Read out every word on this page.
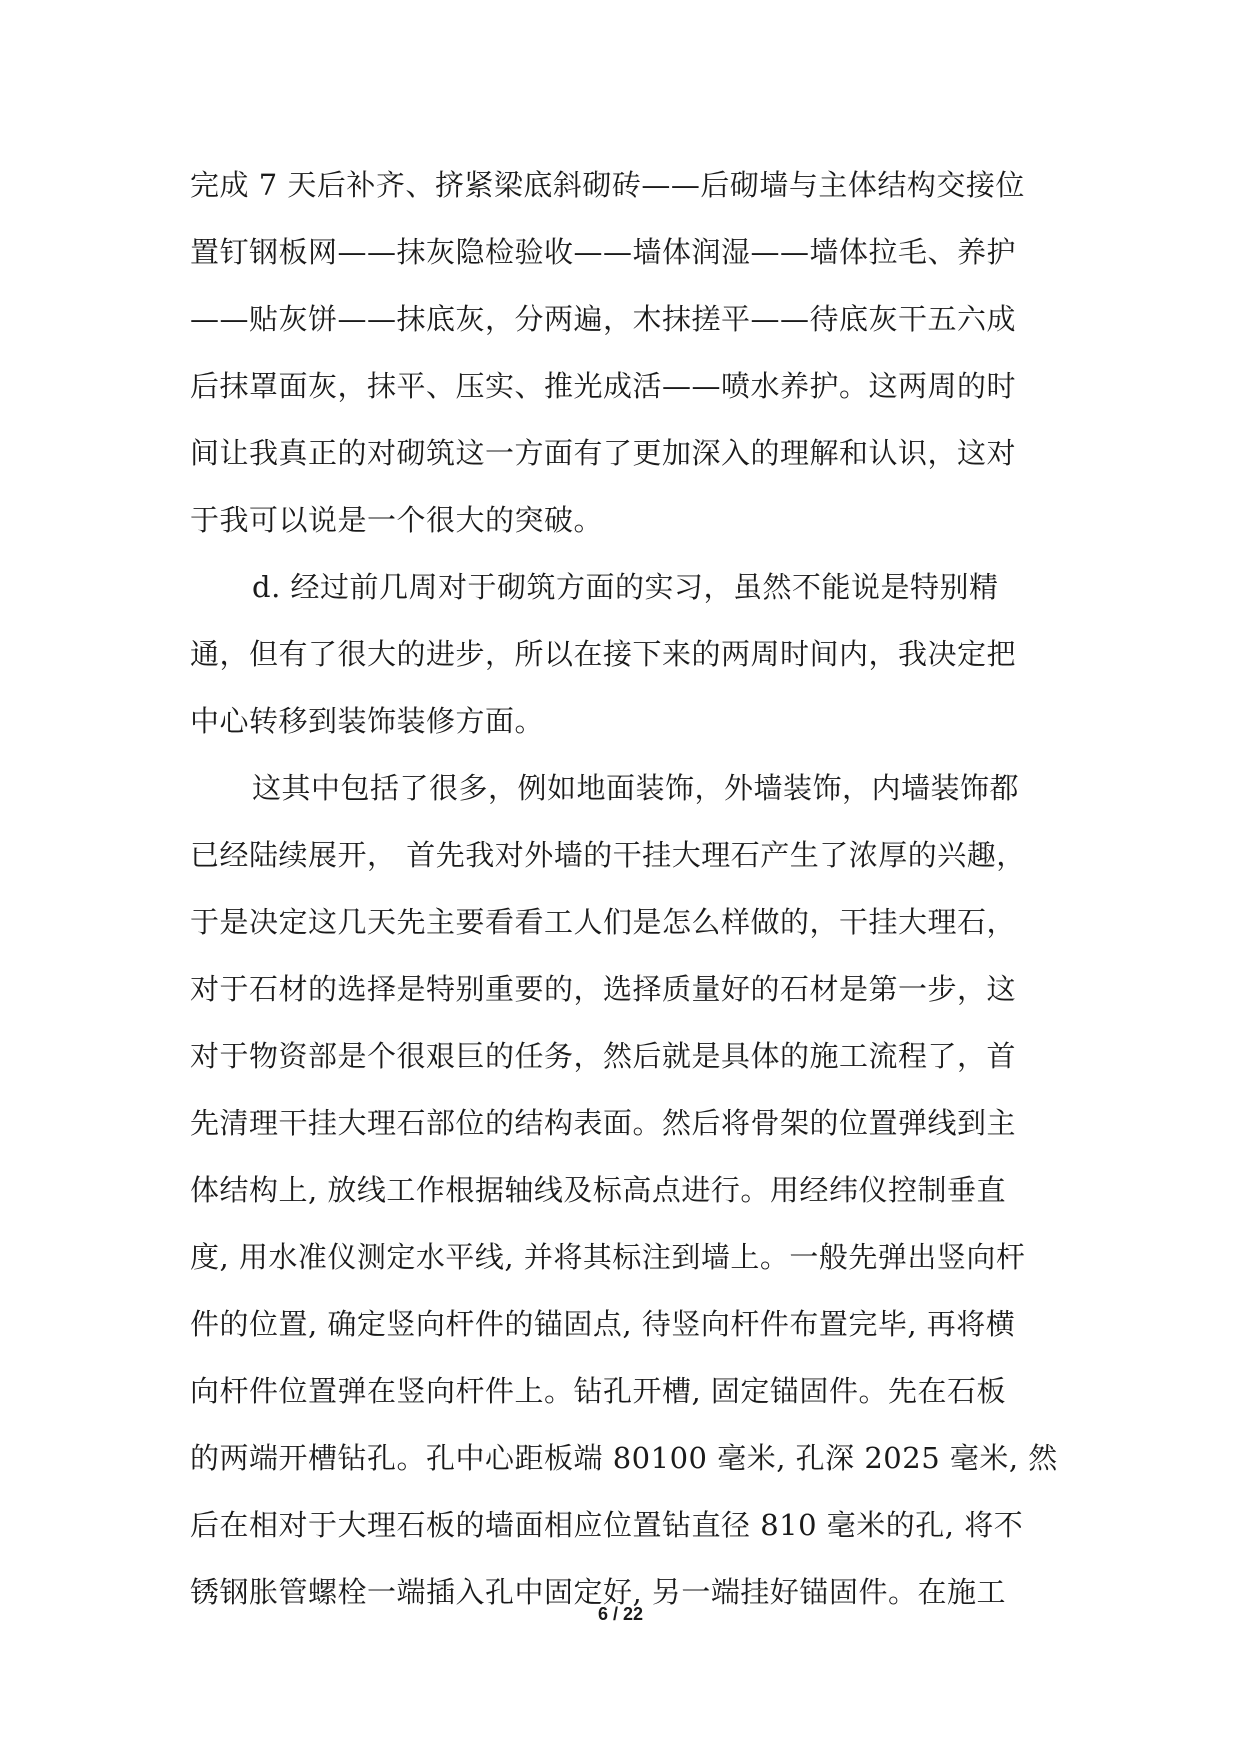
完成 7 天后补齐、挤紧梁底斜砌砖——后砌墙与主体结构交接位
置钉钢板网——抹灰隐检验收——墙体润湿——墙体拉毛、养护
——贴灰饼——抹底灰，分两遍，木抹搓平——待底灰干五六成
后抹罩面灰，抹平、压实、推光成活——喷水养护。这两周的时
间让我真正的对砌筑这一方面有了更加深入的理解和认识，这对
于我可以说是一个很大的突破。
d. 经过前几周对于砌筑方面的实习，虽然不能说是特别精
通，但有了很大的进步，所以在接下来的两周时间内，我决定把
中心转移到装饰装修方面。
这其中包括了很多，例如地面装饰，外墙装饰，内墙装饰都
已经陆续展开， 首先我对外墙的干挂大理石产生了浓厚的兴趣，
于是决定这几天先主要看看工人们是怎么样做的，干挂大理石，
对于石材的选择是特别重要的，选择质量好的石材是第一步，这
对于物资部是个很艰巨的任务，然后就是具体的施工流程了，首
先清理干挂大理石部位的结构表面。然后将骨架的位置弹线到主
体结构上, 放线工作根据轴线及标高点进行。用经纬仪控制垂直
度, 用水准仪测定水平线, 并将其标注到墙上。一般先弹出竖向杆
件的位置, 确定竖向杆件的锚固点, 待竖向杆件布置完毕, 再将横
向杆件位置弹在竖向杆件上。钻孔开槽, 固定锚固件。先在石板
的两端开槽钻孔。孔中心距板端 80100 毫米, 孔深 2025 毫米, 然
后在相对于大理石板的墙面相应位置钻直径 810 毫米的孔, 将不
锈钢胀管螺栓一端插入孔中固定好, 另一端挂好锚固件。在施工
6 / 22
